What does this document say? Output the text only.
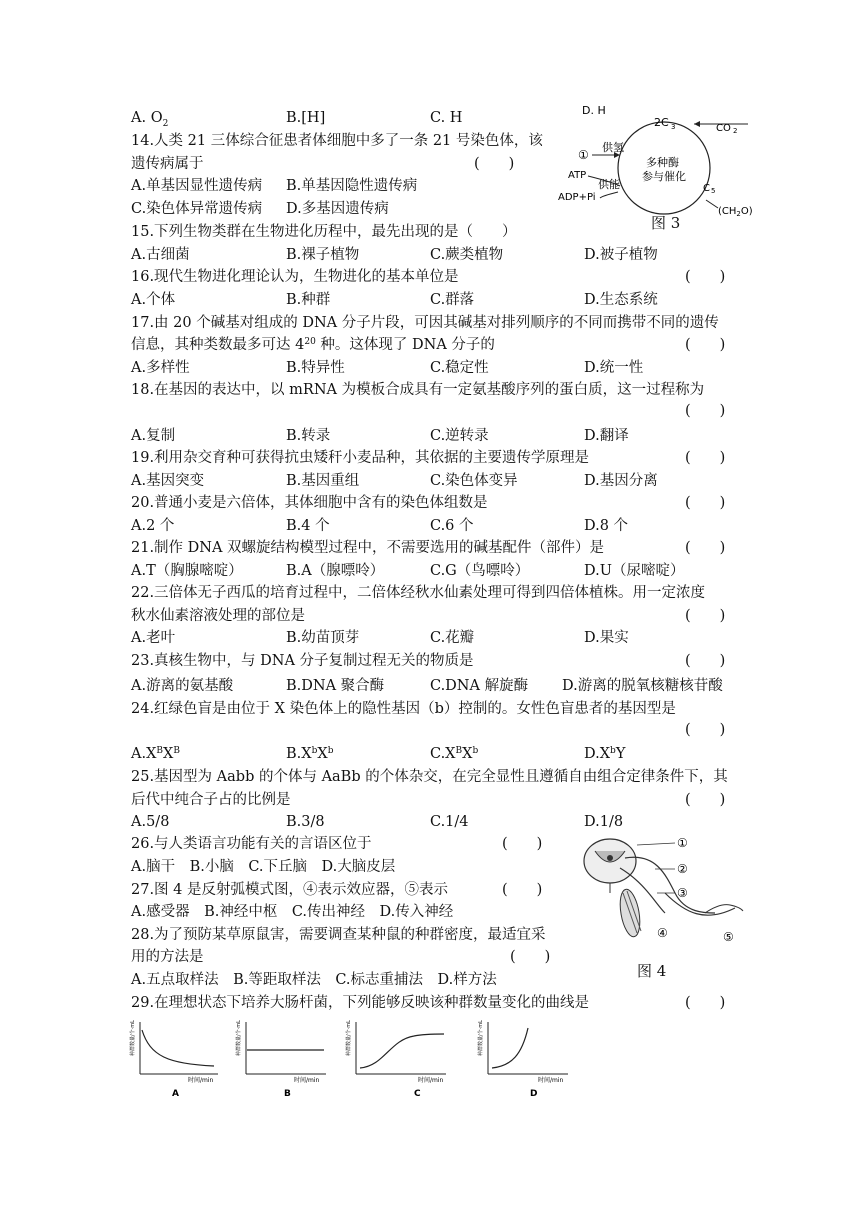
A. $O_2$	B.[H]	C. H
14.人类 21 三体综合征患者体细胞中多了一条 21 号染色体，该
遗传病属于	(　　)
A.单基因显性遗传病 B.单基因隐性遗传病
C.染色体异常遗传病 D.多基因遗传病
15.下列生物类群在生物进化历程中，最先出现的是（　　）
A.古细菌	B.裸子植物	C.蕨类植物	D.被子植物
16.现代生物进化理论认为，生物进化的基本单位是	(　　)
A.个体	B.种群	C.群落	D.生态系统
17.由 20 个碱基对组成的 DNA 分子片段，可因其碱基对排列顺序的不同而携带不同的遗传
信息，其种类数最多可达 $4^{20}$ 种。这体现了 DNA 分子的	(　　)
A.多样性	B.特异性	C.稳定性	D.统一性
18.在基因的表达中，以 mRNA 为模板合成具有一定氨基酸序列的蛋白质，这一过程称为
(　　)
A.复制	B.转录	C.逆转录	D.翻译
19.利用杂交育种可获得抗虫矮秆小麦品种，其依据的主要遗传学原理是	(　　)
A.基因突变	B.基因重组	C.染色体变异	D.基因分离
20.普通小麦是六倍体，其体细胞中含有的染色体组数是	(　　)
A.2 个	B.4 个	C.6 个	D.8 个
21.制作 DNA 双螺旋结构模型过程中，不需要选用的碱基配件（部件）是	(　　)
A.T（胸腺嘧啶）	B.A（腺嘌呤）	C.G（鸟嘌呤）	D.U（尿嘧啶）
22.三倍体无子西瓜的培育过程中，二倍体经秋水仙素处理可得到四倍体植株。用一定浓度
秋水仙素溶液处理的部位是	(　　)
A.老叶	B.幼苗顶芽	C.花瓣	D.果实
23.真核生物中，与 DNA 分子复制过程无关的物质是	(　　)
A.游离的氨基酸	B.DNA 聚合酶	C.DNA 解旋酶 D.游离的脱氧核糖核苷酸
24.红绿色盲是由位于 X 染色体上的隐性基因（b）控制的。女性色盲患者的基因型是
(　　)
$A.X^BX^B$	$B.X^bX^b$	$C.X^BX^b$	$D.X^bY$
25.基因型为 Aabb 的个体与 AaBb 的个体杂交，在完全显性且遵循自由组合定律条件下，其
后代中纯合子占的比例是	(　　)
A.5/8	B.3/8	C.1/4	D.1/8
26.与人类语言功能有关的言语区位于	(　　)
A.脑干　B.小脑　C.下丘脑　D.大脑皮层
27.图 4 是反射弧模式图，④表示效应器，⑤表示	(　　)
A.感受器　B.神经中枢　C.传出神经　D.传入神经
28.为了预防某草原鼠害，需要调查某种鼠的种群密度，最适宜采
用的方法是	(　　)
A.五点取样法　B.等距取样法　C.标志重捕法　D.样方法
29.在理想状态下培养大肠杆菌，下列能够反映该种群数量变化的曲线是	(　　)
D. H
2C 3	CO 2
供氢
①
多种酶
参与催化
ATP
供能
ADP+Pi
C 5
$(CH_2O)$
图 3
①
②
③
④	⑤
图 4
种群数量/个·mL
时间/min
A
种群数量/个·mL
时间/min
B
种群数量/个·mL
时间/min
C
种群数量/个·mL
时间/min
D
